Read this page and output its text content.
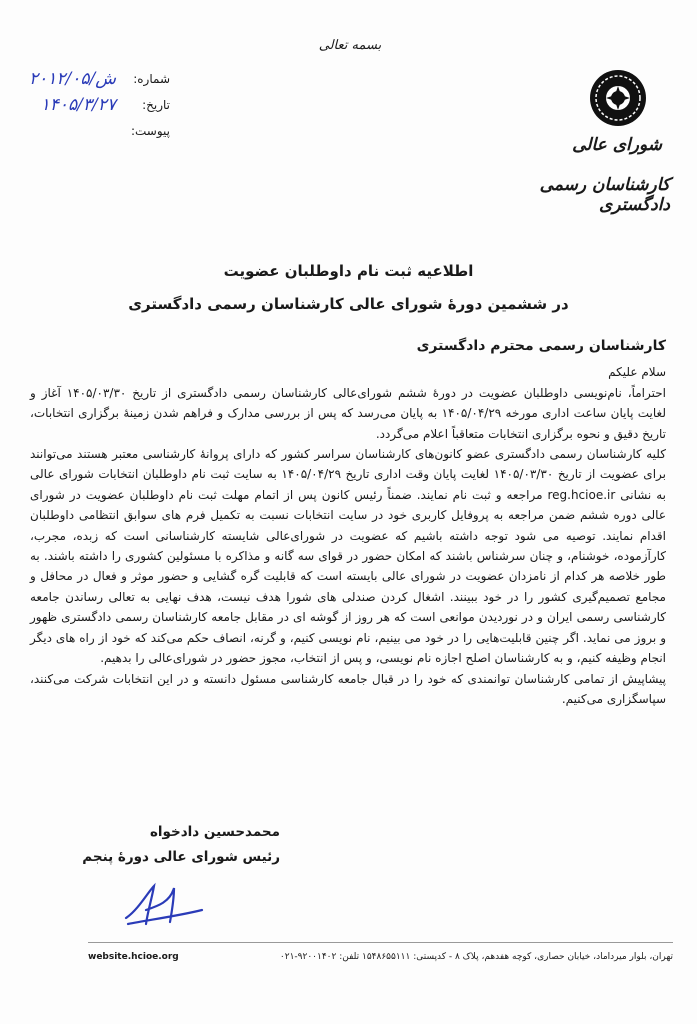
بسمه تعالی
شماره:
۲۰۱۲/ش/۰۵
تاریخ:
۱۴۰۵/۳/۲۷
پیوست:
شورای عالی
کارشناسان رسمی دادگستری
اطلاعیه ثبت نام داوطلبان عضویت
در ششمین دورۀ شورای عالی کارشناسان رسمی دادگستری
کارشناسان رسمی محترم دادگستری

سلام علیکم

احتراماً، نام‌نویسی داوطلبان عضویت در دورۀ ششم شورای‌عالی کارشناسان رسمی دادگستری از تاریخ ۱۴۰۵/۰۳/۳۰ آغاز و لغایت پایان ساعت اداری مورخه ۱۴۰۵/۰۴/۲۹ به پایان می‌رسد که پس از بررسی مدارک و فراهم شدن زمینۀ برگزاری انتخابات، تاریخ دقیق و نحوه برگزاری انتخابات متعاقباً اعلام می‌گردد.

کلیه کارشناسان رسمی دادگستری عضو کانون‌های کارشناسان سراسر کشور که دارای پروانۀ کارشناسی معتبر هستند می‌توانند برای عضویت از تاریخ ۱۴۰۵/۰۳/۳۰ لغایت پایان وقت اداری تاریخ ۱۴۰۵/۰۴/۲۹ به سایت ثبت نام داوطلبان انتخابات شورای عالی به نشانی reg.hcioe.ir مراجعه و ثبت نام نمایند. ضمناً رئیس کانون پس از اتمام مهلت ثبت نام داوطلبان عضویت در شورای عالی دوره ششم ضمن مراجعه به پروفایل کاربری خود در سایت انتخابات نسبت به تکمیل فرم های سوابق انتظامی داوطلبان اقدام نمایند. توصیه می شود توجه داشته باشیم که عضویت در شورای‌عالی شایسته کارشناسانی است که زبده، مجرب، کارآزموده، خوشنام، و چنان سرشناس باشند که امکان حضور در قوای سه گانه و مذاکره با مسئولین کشوری را داشته باشند. به طور خلاصه هر کدام از نامزدان عضویت در شورای عالی بایسته است که قابلیت گره گشایی و حضور موثر و فعال در محافل و مجامع تصمیم‌گیری کشور را در خود ببینند. اشغال کردن صندلی های شورا هدف نیست، هدف نهایی به تعالی رساندن جامعه کارشناسی رسمی ایران و در نوردیدن موانعی است که هر روز از گوشه ای در مقابل جامعه کارشناسان رسمی دادگستری ظهور و بروز می نماید. اگر چنین قابلیت‌هایی را در خود می بینیم، نام نویسی کنیم، و گرنه، انصاف حکم می‌کند که خود از راه های دیگر انجام وظیفه کنیم، و به کارشناسان اصلح اجازه نام نویسی، و پس از انتخاب، مجوز حضور در شورای‌عالی را بدهیم.

پیشاپیش از تمامی کارشناسان توانمندی که خود را در قبال جامعه کارشناسی مسئول دانسته و در این انتخابات شرکت می‌کنند، سپاسگزاری می‌کنیم.

محمدحسین دادخواه
رئیس شورای عالی دورۀ پنجم
تهران، بلوار میرداماد، خیابان حصاری، کوچه هفدهم، پلاک ۸ - کدپستی: ۱۵۴۸۶۵۵۱۱۱ تلفن: ۹۲۰۰۱۴۰۲-۰۲۱
website.hcioe.org
